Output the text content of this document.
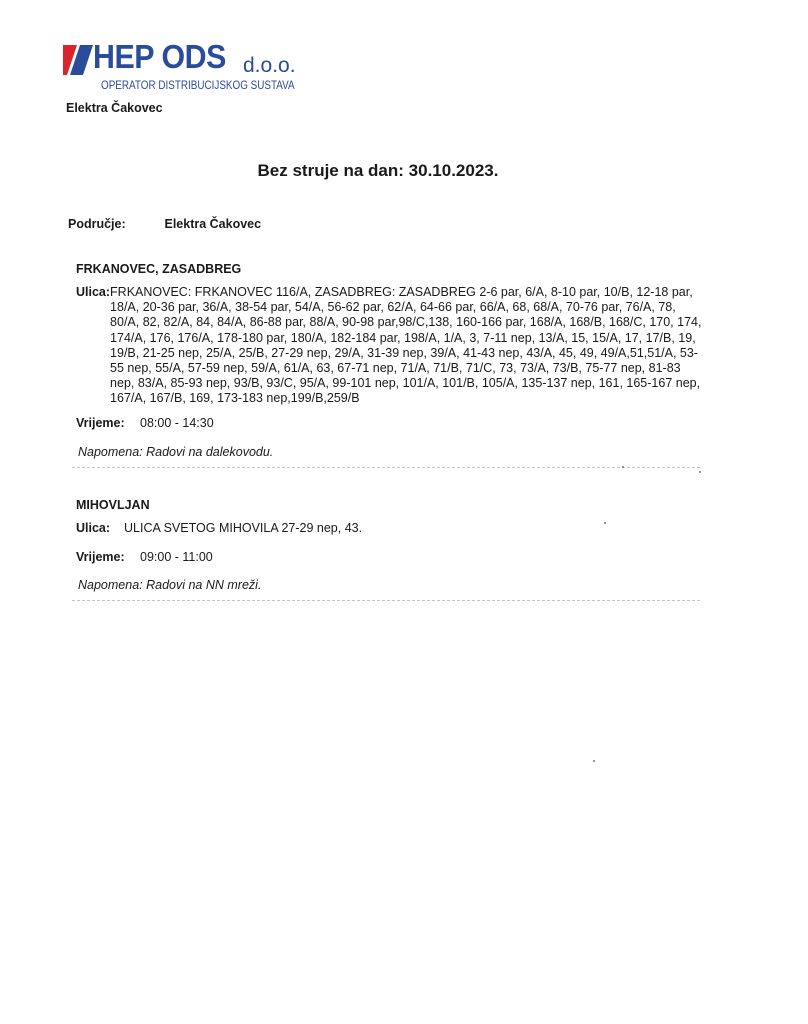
HEP ODS d.o.o.
OPERATOR DISTRIBUCIJSKOG SUSTAVA
Elektra Čakovec
Bez struje na dan: 30.10.2023.
Područje:	Elektra Čakovec
FRKANOVEC, ZASADBREG
Ulica: FRKANOVEC: FRKANOVEC 116/A, ZASADBREG: ZASADBREG 2-6 par, 6/A, 8-10 par, 10/B, 12-18 par, 18/A, 20-36 par, 36/A, 38-54 par, 54/A, 56-62 par, 62/A, 64-66 par, 66/A, 68, 68/A, 70-76 par, 76/A, 78, 80/A, 82, 82/A, 84, 84/A, 86-88 par, 88/A, 90-98 par,98/C,138, 160-166 par, 168/A, 168/B, 168/C, 170, 174, 174/A, 176, 176/A, 178-180 par, 180/A, 182-184 par, 198/A, 1/A, 3, 7-11 nep, 13/A, 15, 15/A, 17, 17/B, 19, 19/B, 21-25 nep, 25/A, 25/B, 27-29 nep, 29/A, 31-39 nep, 39/A, 41-43 nep, 43/A, 45, 49, 49/A,51,51/A, 53-55 nep, 55/A, 57-59 nep, 59/A, 61/A, 63, 67-71 nep, 71/A, 71/B, 71/C, 73, 73/A, 73/B, 75-77 nep, 81-83 nep, 83/A, 85-93 nep, 93/B, 93/C, 95/A, 99-101 nep, 101/A, 101/B, 105/A, 135-137 nep, 161, 165-167 nep, 167/A, 167/B, 169, 173-183 nep,199/B,259/B
Vrijeme:	08:00 - 14:30
Napomena: Radovi na dalekovodu.
MIHOVLJAN
Ulica:	ULICA SVETOG MIHOVILA 27-29 nep, 43.
Vrijeme:	09:00 - 11:00
Napomena: Radovi na NN mreži.
